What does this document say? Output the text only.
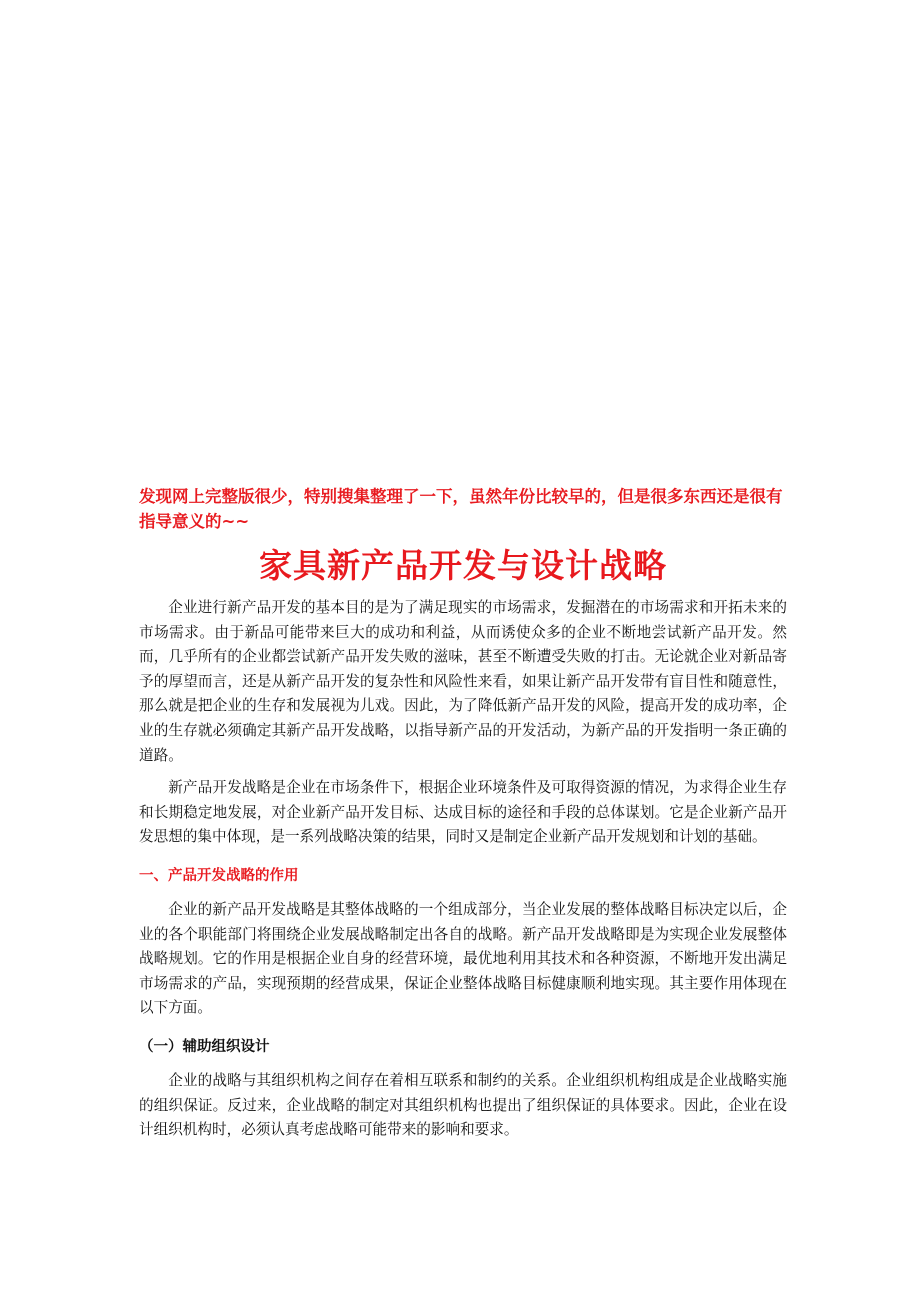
发现网上完整版很少，特别搜集整理了一下，虽然年份比较早的，但是很多东西还是很有指导意义的~~

家具新产品开发与设计战略

企业进行新产品开发的基本目的是为了满足现实的市场需求，发掘潜在的市场需求和开拓未来的市场需求。由于新品可能带来巨大的成功和利益，从而诱使众多的企业不断地尝试新产品开发。然而，几乎所有的企业都尝试新产品开发失败的滋味，甚至不断遭受失败的打击。无论就企业对新品寄予的厚望而言，还是从新产品开发的复杂性和风险性来看，如果让新产品开发带有盲目性和随意性，那么就是把企业的生存和发展视为儿戏。因此，为了降低新产品开发的风险，提高开发的成功率，企业的生存就必须确定其新产品开发战略，以指导新产品的开发活动，为新产品的开发指明一条正确的道路。

新产品开发战略是企业在市场条件下，根据企业环境条件及可取得资源的情况，为求得企业生存和长期稳定地发展，对企业新产品开发目标、达成目标的途径和手段的总体谋划。它是企业新产品开发思想的集中体现，是一系列战略决策的结果，同时又是制定企业新产品开发规划和计划的基础。

一、产品开发战略的作用

企业的新产品开发战略是其整体战略的一个组成部分，当企业发展的整体战略目标决定以后，企业的各个职能部门将围绕企业发展战略制定出各自的战略。新产品开发战略即是为实现企业发展整体战略规划。它的作用是根据企业自身的经营环境，最优地利用其技术和各种资源，不断地开发出满足市场需求的产品，实现预期的经营成果，保证企业整体战略目标健康顺利地实现。其主要作用体现在以下方面。

（一）辅助组织设计

企业的战略与其组织机构之间存在着相互联系和制约的关系。企业组织机构组成是企业战略实施的组织保证。反过来，企业战略的制定对其组织机构也提出了组织保证的具体要求。因此，企业在设计组织机构时，必须认真考虑战略可能带来的影响和要求。
